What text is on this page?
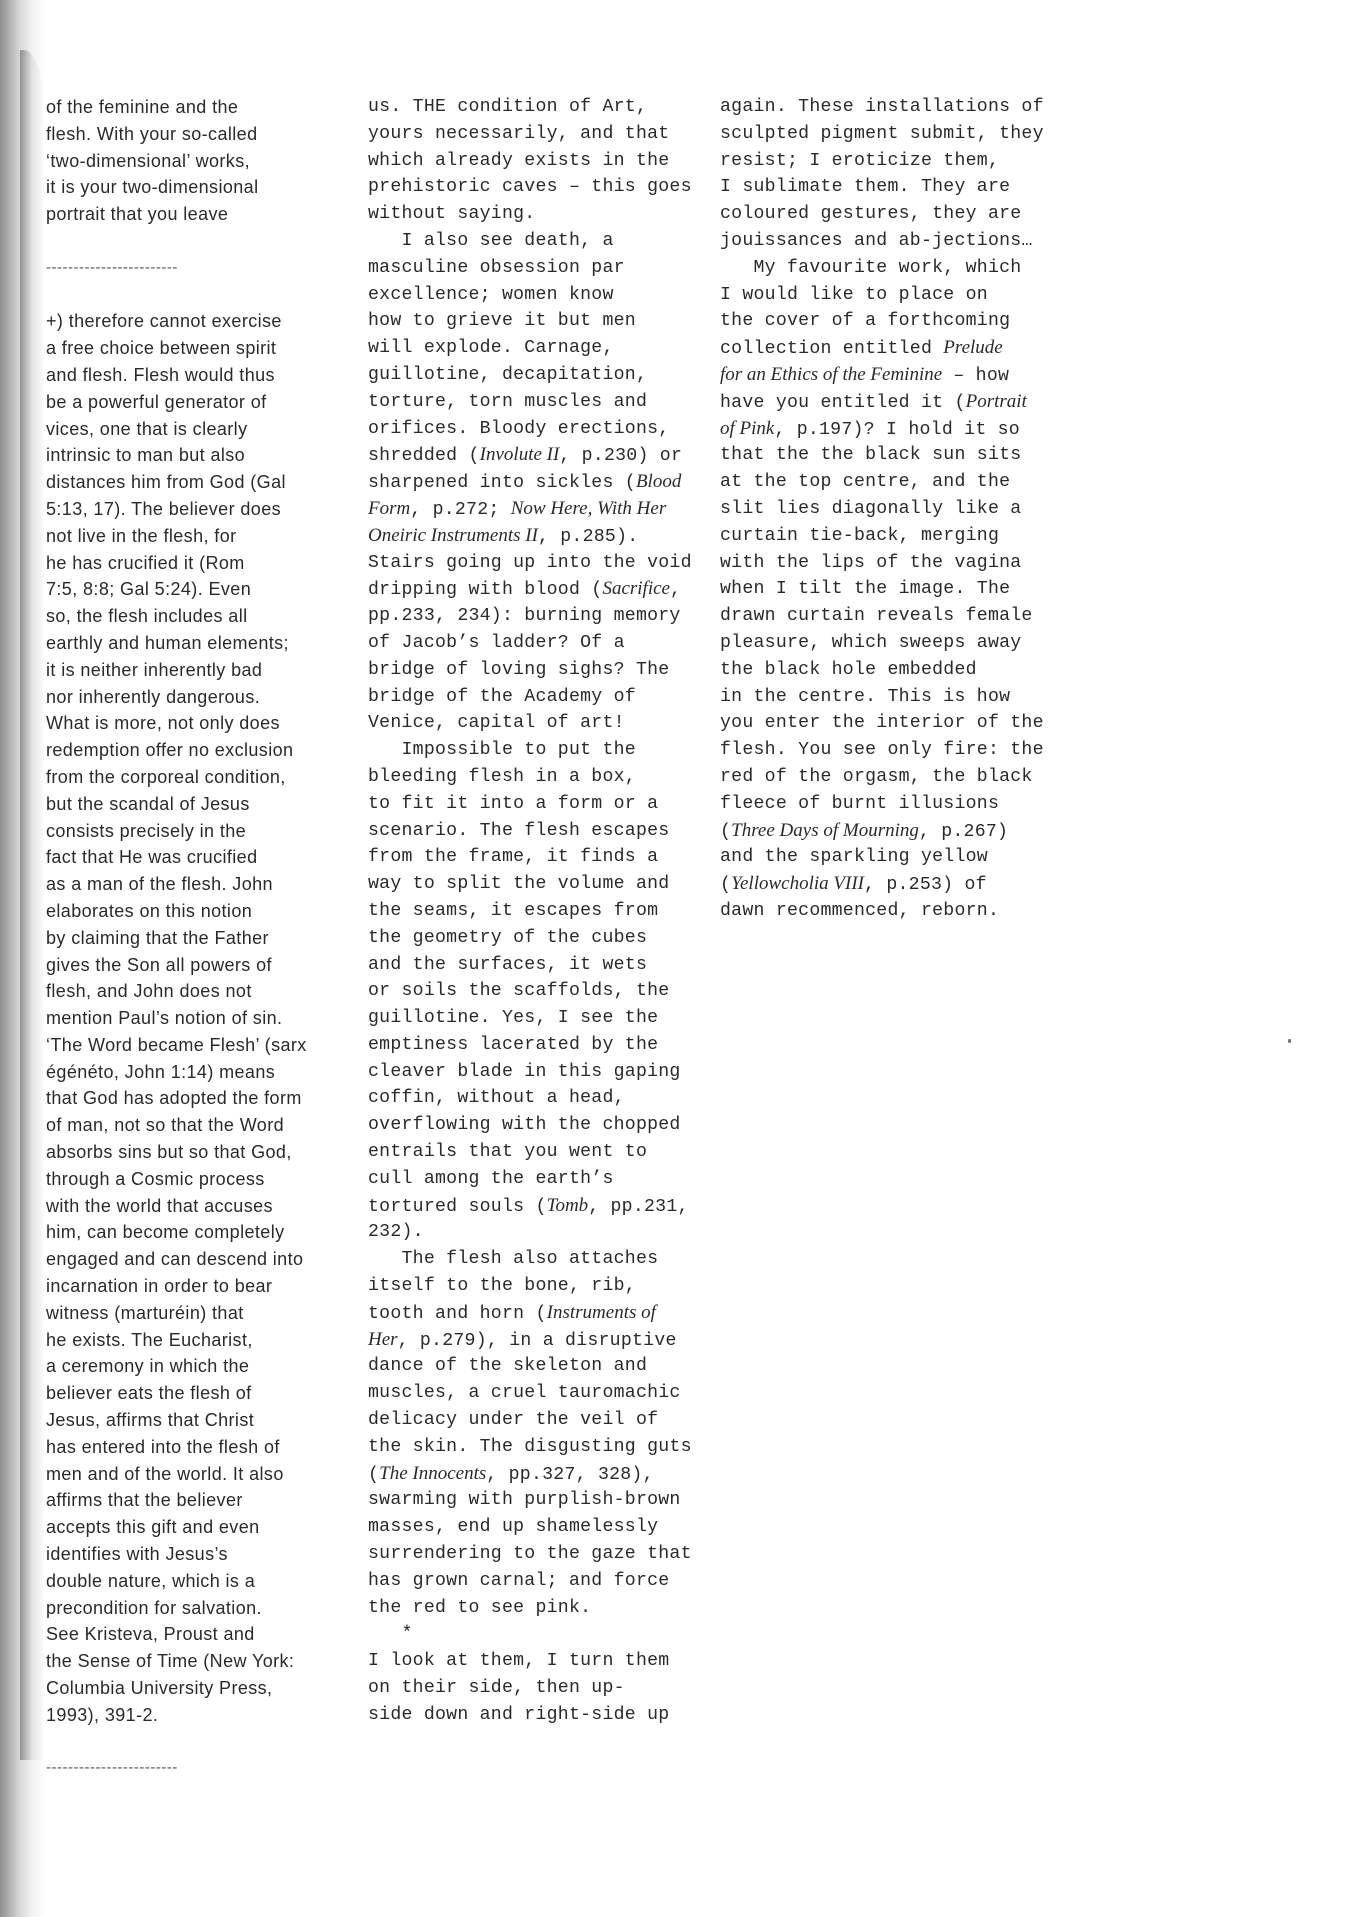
of the feminine and the
flesh. With your so-called
‘two-dimensional’ works,
it is your two-dimensional
portrait that you leave
------------------------
+) therefore cannot exercise
a free choice between spirit
and flesh. Flesh would thus
be a powerful generator of
vices, one that is clearly
intrinsic to man but also
distances him from God (Gal
5:13, 17). The believer does
not live in the flesh, for
he has crucified it (Rom
7:5, 8:8; Gal 5:24). Even
so, the flesh includes all
earthly and human elements;
it is neither inherently bad
nor inherently dangerous.
What is more, not only does
redemption offer no exclusion
from the corporeal condition,
but the scandal of Jesus
consists precisely in the
fact that He was crucified
as a man of the flesh. John
elaborates on this notion
by claiming that the Father
gives the Son all powers of
flesh, and John does not
mention Paul’s notion of sin.
‘The Word became Flesh’ (sarx
égénéto, John 1:14) means
that God has adopted the form
of man, not so that the Word
absorbs sins but so that God,
through a Cosmic process
with the world that accuses
him, can become completely
engaged and can descend into
incarnation in order to bear
witness (marturéin) that
he exists. The Eucharist,
a ceremony in which the
believer eats the flesh of
Jesus, affirms that Christ
has entered into the flesh of
men and of the world. It also
affirms that the believer
accepts this gift and even
identifies with Jesus’s
double nature, which is a
precondition for salvation.
See Kristeva, Proust and
the Sense of Time (New York:
Columbia University Press,
1993), 391-2.
------------------------
us. THE condition of Art,
yours necessarily, and that
which already exists in the
prehistoric caves – this goes
without saying.
I also see death, a
masculine obsession par
excellence; women know
how to grieve it but men
will explode. Carnage,
guillotine, decapitation,
torture, torn muscles and
orifices. Bloody erections,
shredded (Involute II, p.230) or
sharpened into sickles (Blood
Form, p.272; Now Here, With Her
Oneiric Instruments II, p.285).
Stairs going up into the void
dripping with blood (Sacrifice,
pp.233, 234): burning memory
of Jacob’s ladder? Of a
bridge of loving sighs? The
bridge of the Academy of
Venice, capital of art!
Impossible to put the
bleeding flesh in a box,
to fit it into a form or a
scenario. The flesh escapes
from the frame, it finds a
way to split the volume and
the seams, it escapes from
the geometry of the cubes
and the surfaces, it wets
or soils the scaffolds, the
guillotine. Yes, I see the
emptiness lacerated by the
cleaver blade in this gaping
coffin, without a head,
overflowing with the chopped
entrails that you went to
cull among the earth’s
tortured souls (Tomb, pp.231,
232).
The flesh also attaches
itself to the bone, rib,
tooth and horn (Instruments of
Her, p.279), in a disruptive
dance of the skeleton and
muscles, a cruel tauromachic
delicacy under the veil of
the skin. The disgusting guts
(The Innocents, pp.327, 328),
swarming with purplish-brown
masses, end up shamelessly
surrendering to the gaze that
has grown carnal; and force
the red to see pink.
*
I look at them, I turn them
on their side, then up-
side down and right-side up
again. These installations of
sculpted pigment submit, they
resist; I eroticize them,
I sublimate them. They are
coloured gestures, they are
jouissances and ab-jections…
My favourite work, which
I would like to place on
the cover of a forthcoming
collection entitled Prelude
for an Ethics of the Feminine – how
have you entitled it (Portrait
of Pink, p.197)? I hold it so
that the the black sun sits
at the top centre, and the
slit lies diagonally like a
curtain tie-back, merging
with the lips of the vagina
when I tilt the image. The
drawn curtain reveals female
pleasure, which sweeps away
the black hole embedded
in the centre. This is how
you enter the interior of the
flesh. You see only fire: the
red of the orgasm, the black
fleece of burnt illusions
(Three Days of Mourning, p.267)
and the sparkling yellow
(Yellowcholia VIII, p.253) of
dawn recommenced, reborn.
